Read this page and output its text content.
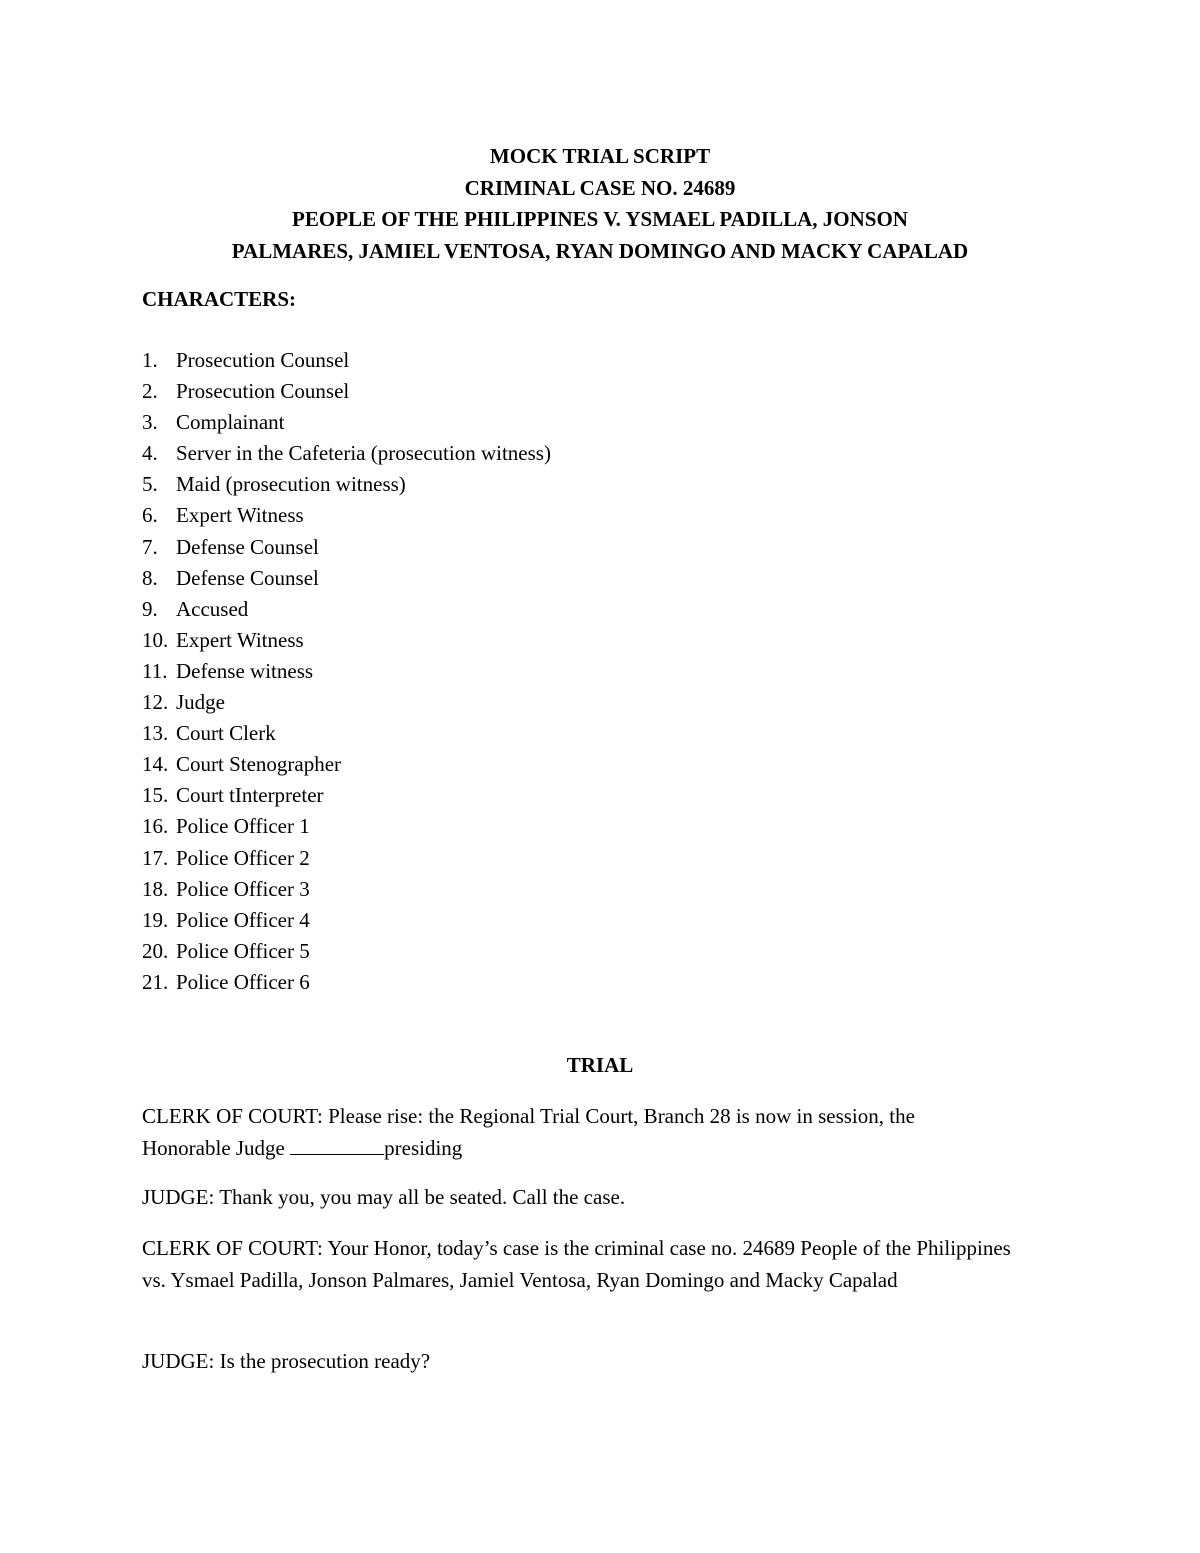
MOCK TRIAL SCRIPT
CRIMINAL CASE NO. 24689
PEOPLE OF THE PHILIPPINES V. YSMAEL PADILLA, JONSON
PALMARES, JAMIEL VENTOSA, RYAN DOMINGO AND MACKY CAPALAD
CHARACTERS:
1. Prosecution Counsel
2. Prosecution Counsel
3. Complainant
4. Server in the Cafeteria (prosecution witness)
5. Maid (prosecution witness)
6. Expert Witness
7. Defense Counsel
8. Defense Counsel
9. Accused
10. Expert Witness
11. Defense witness
12. Judge
13. Court Clerk
14. Court Stenographer
15. Court tInterpreter
16. Police Officer 1
17. Police Officer 2
18. Police Officer 3
19. Police Officer 4
20. Police Officer 5
21. Police Officer 6
TRIAL
CLERK OF COURT: Please rise: the Regional Trial Court, Branch 28 is now in session, the
Honorable Judge	presiding
JUDGE: Thank you, you may all be seated. Call the case.
CLERK OF COURT: Your Honor, today’s case is the criminal case no. 24689 People of the Philippines vs. Ysmael Padilla, Jonson Palmares, Jamiel Ventosa, Ryan Domingo and Macky Capalad
JUDGE: Is the prosecution ready?
